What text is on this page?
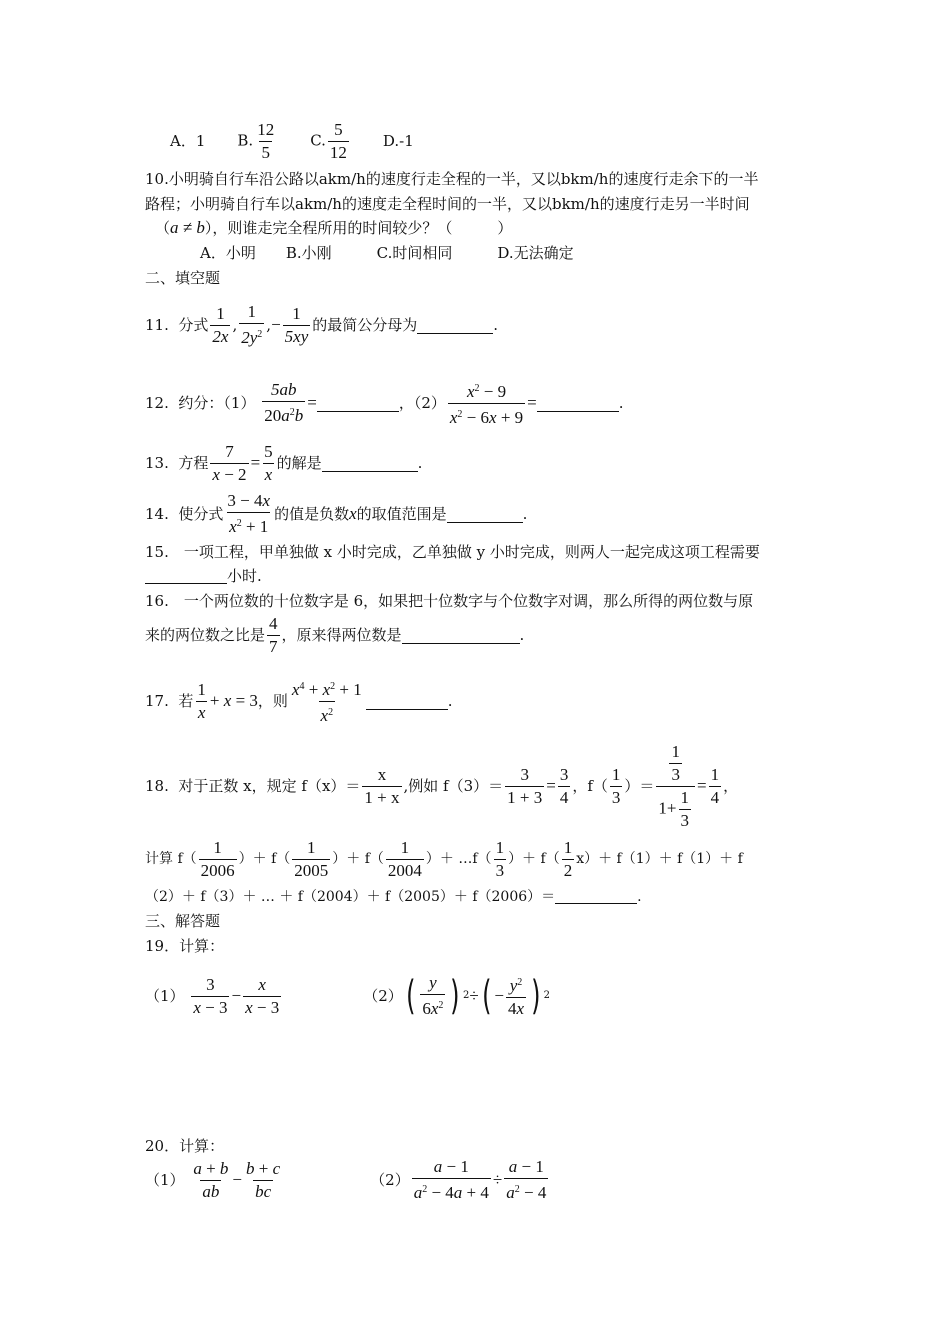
A．1 B. $\frac{12}{5} C$. $\frac{5}{12} D.-1$
10.小明骑自行车沿公路以akm/h的速度行走全程的一半，又以bkm/h的速度行走余下的一半
路程；小明骑自行车以akm/h的速度走全程时间的一半，又以bkm/h的速度行走另一半时间
（a ≠ b），则谁走完全程所用的时间较少？（　　　）
A．小明　　B.小刚　　　C.时间相同　　　D.无法确定
二、填空题
11.
分式 $\frac{1}{2x}$ , $\frac{1}{2y^2}$ , − $\frac{1}{5xy}$ 的最简公分母为	.
12.
约分：（1）
$\frac{5ab}{20a^2b}$ =	，$(2) \frac{x^2 - 9}{x^2 - 6x + 9}$ =	.
13.
方程 $\frac{7}{x - 2} = \frac{5}{x}$ 的解是	.
14.
使分式 $\frac{3 - 4x}{x^2 + 1}$ 的值是负数 x 的取值范围是	.
15.　一项工程，甲单独做 x 小时完成，乙单独做 y 小时完成，则两人一起完成这项工程需要
小时.
16.　一个两位数的十位数字是 6，如果把十位数字与个位数字对调，那么所得的两位数与原
来的两位数之比是 $\frac{4}{7}$ ，原来得两位数是	.
17.
若 $\frac{1}{x} + x = 3$ ，则 $\frac{x^4 + x^2 + 1}{x^2}$	.
18.
对于正数 x，规定 $f(x)= \frac{x}{1 + x}$ ,例如 $f(3)= \frac{3}{1 + 3} = \frac{3}{4}$ ，$f( \frac{1}{3}$ ）＝ $\frac{\frac{1}{3}}{1+ \frac{1}{3}} = \frac{1}{4}$ ，
计算 $f( \frac{1}{2006}$ ）＋ $f( \frac{1}{2005}$ ）＋ $f( \frac{1}{2004}$ ）＋ …f（ $\frac{1}{3}$ ）＋ $f( \frac{1}{2} x)+ f(1)+ f(1)+ f$
（2）＋ f（3）＋ … ＋ f（2004）＋ f（2005）＋ f（2006）＝	.
三、解答题
19．计算：
（1）
$\frac{3}{x - 3} - \frac{x}{x - 3}$	（2） ( $\frac{y}{6x^2}$ ) 2 ÷ ( − $\frac{y^2}{4x}$ ) 2
20．计算：
（1）
$\frac{a + b}{ab} - \frac{b + c}{bc}$	$(2) \frac{a - 1}{a^2 - 4a + 4} \div \frac{a - 1}{a^2 - 4}$
